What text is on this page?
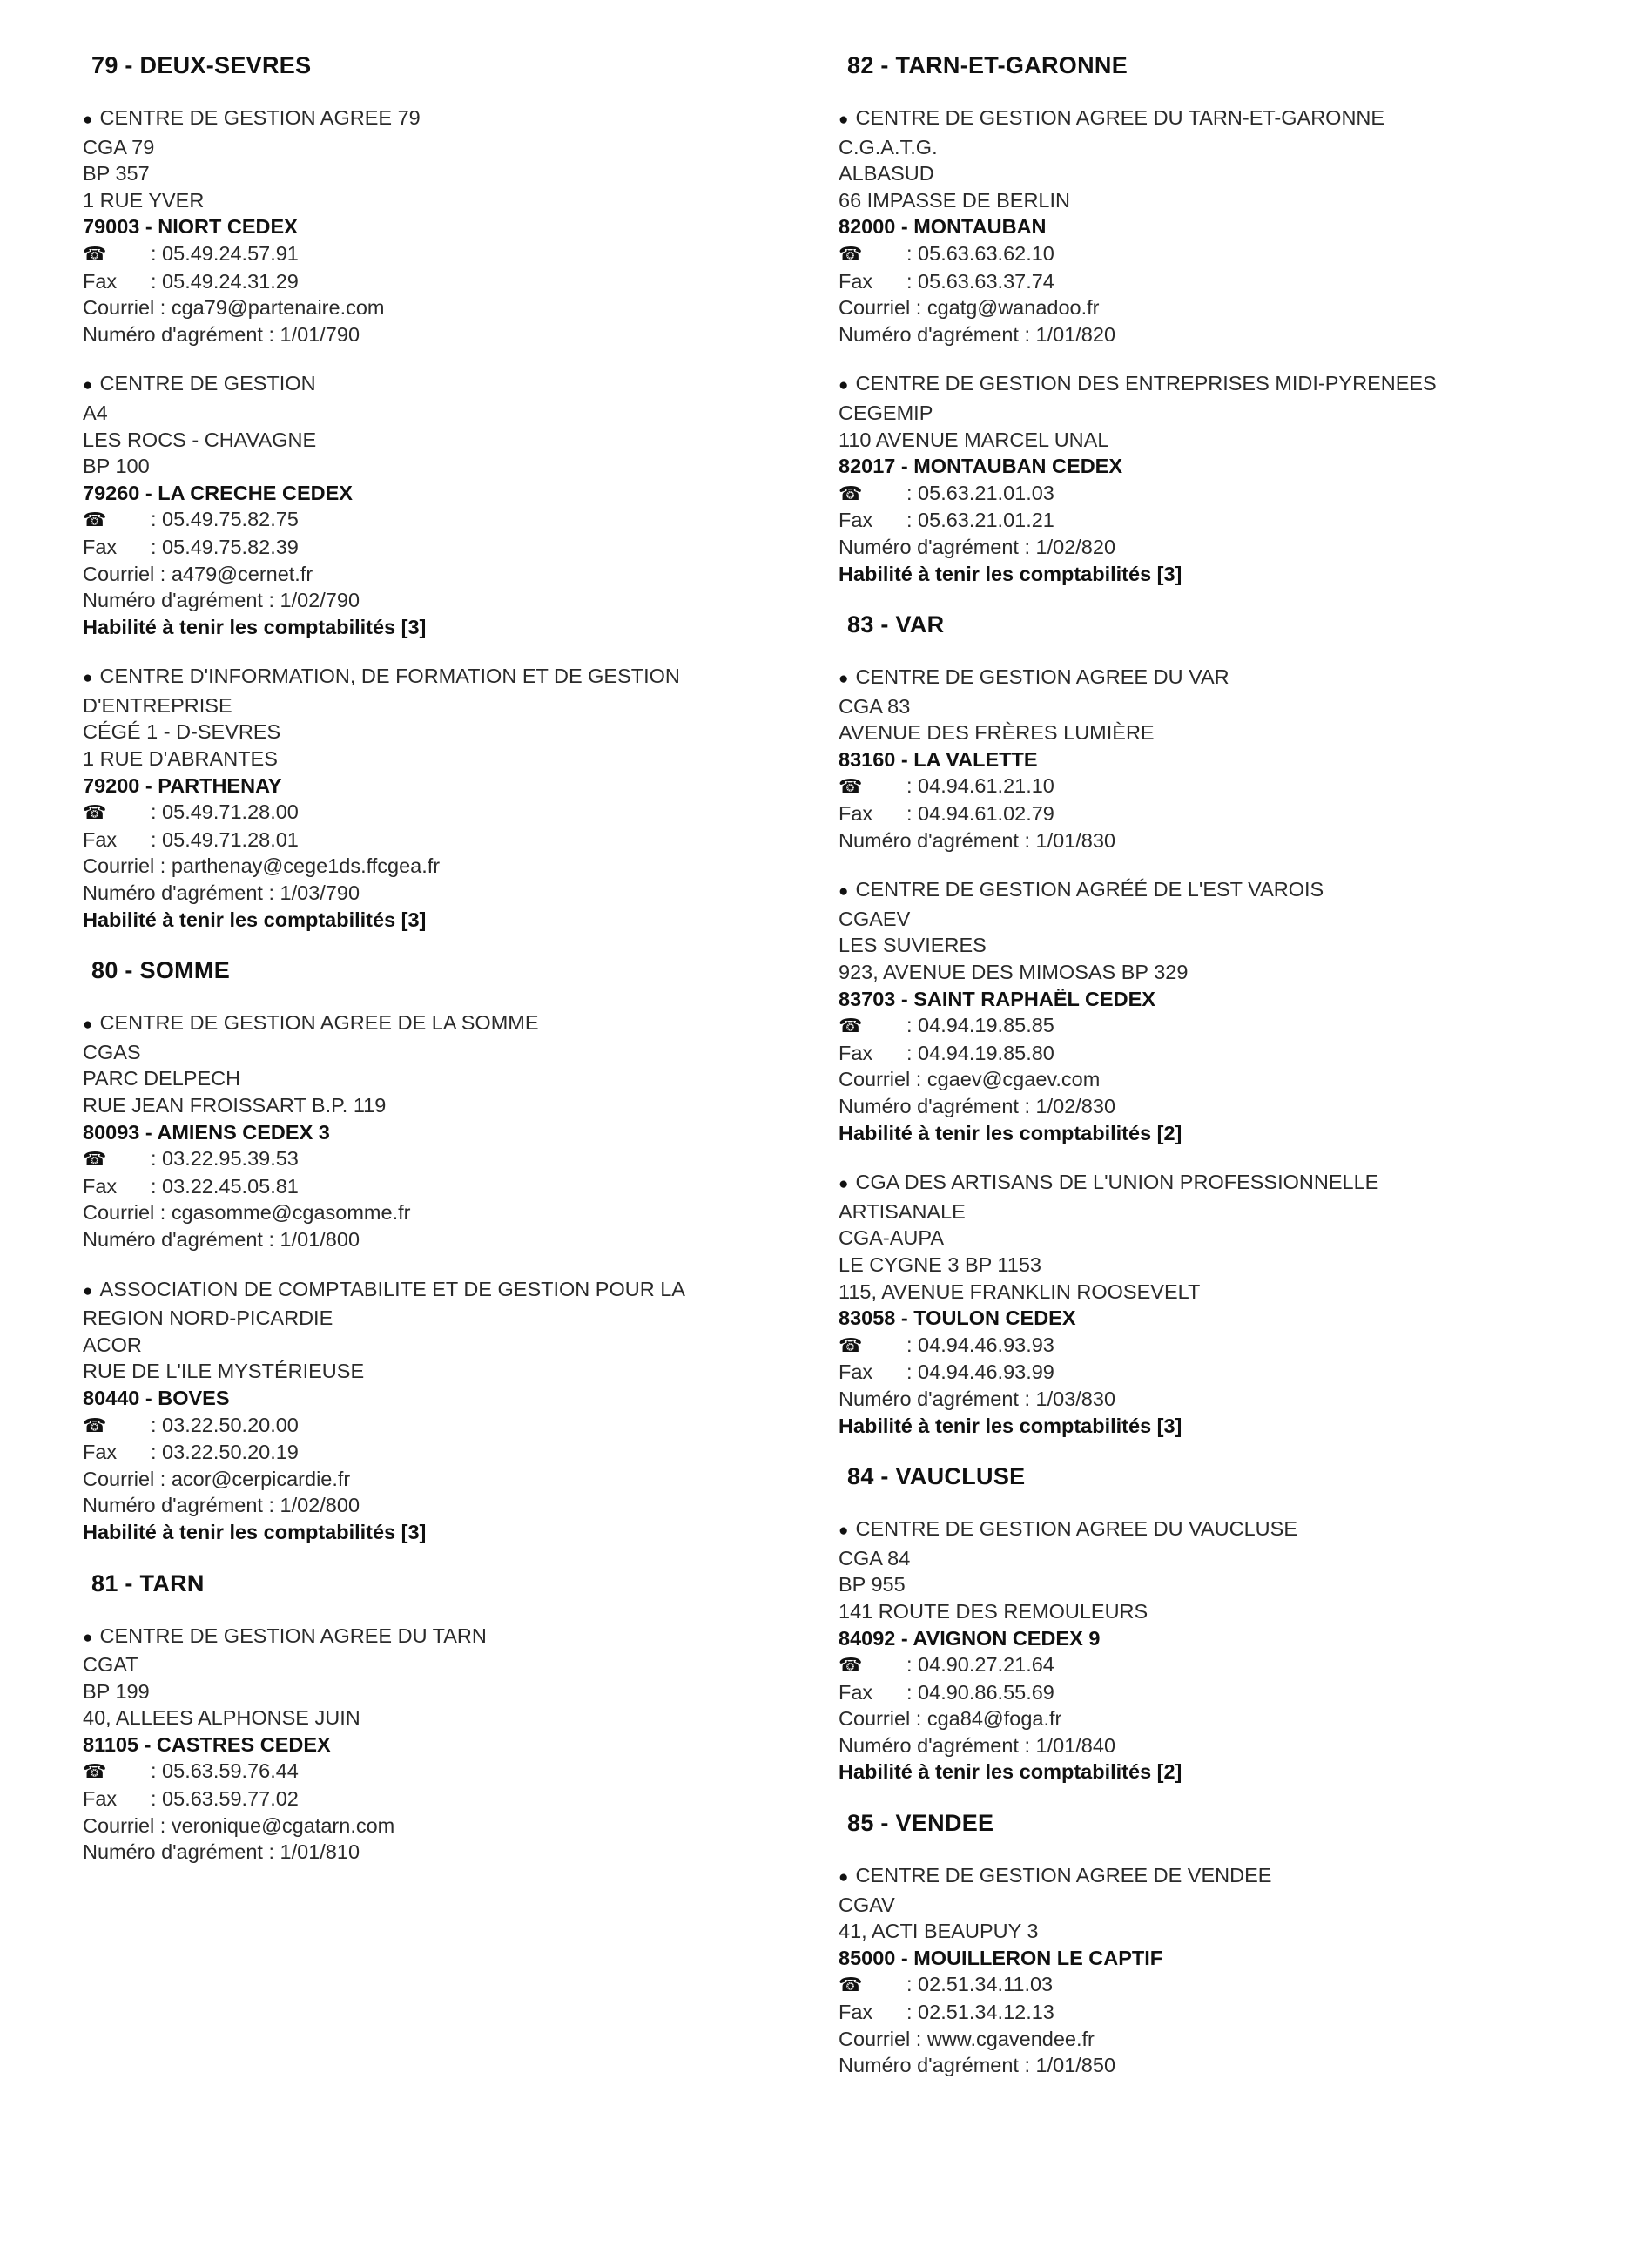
79 - DEUX-SEVRES
● CENTRE DE GESTION AGREE 79
CGA 79
BP 357
1 RUE YVER
79003 - NIORT CEDEX
☎ : 05.49.24.57.91
Fax : 05.49.24.31.29
Courriel : cga79@partenaire.com
Numéro d'agrément : 1/01/790
● CENTRE DE GESTION
A4
LES ROCS - CHAVAGNE
BP 100
79260 - LA CRECHE CEDEX
☎ : 05.49.75.82.75
Fax : 05.49.75.82.39
Courriel : a479@cernet.fr
Numéro d'agrément : 1/02/790
Habilité à tenir les comptabilités [3]
● CENTRE D'INFORMATION, DE FORMATION ET DE GESTION
D'ENTREPRISE
CÉGÉ 1 - D-SEVRES
1 RUE D'ABRANTES
79200 - PARTHENAY
☎ : 05.49.71.28.00
Fax : 05.49.71.28.01
Courriel : parthenay@cege1ds.ffcgea.fr
Numéro d'agrément : 1/03/790
Habilité à tenir les comptabilités [3]
80 - SOMME
● CENTRE DE GESTION AGREE DE LA SOMME
CGAS
PARC DELPECH
RUE JEAN FROISSART B.P. 119
80093 - AMIENS CEDEX 3
☎ : 03.22.95.39.53
Fax : 03.22.45.05.81
Courriel : cgasomme@cgasomme.fr
Numéro d'agrément : 1/01/800
● ASSOCIATION DE COMPTABILITE ET DE GESTION POUR LA
REGION NORD-PICARDIE
ACOR
RUE DE L'ILE MYSTÉRIEUSE
80440 - BOVES
☎ : 03.22.50.20.00
Fax : 03.22.50.20.19
Courriel : acor@cerpicardie.fr
Numéro d'agrément : 1/02/800
Habilité à tenir les comptabilités [3]
81 - TARN
● CENTRE DE GESTION AGREE DU TARN
CGAT
BP 199
40, ALLEES ALPHONSE JUIN
81105 - CASTRES CEDEX
☎ : 05.63.59.76.44
Fax : 05.63.59.77.02
Courriel : veronique@cgatarn.com
Numéro d'agrément : 1/01/810
82 - TARN-ET-GARONNE
● CENTRE DE GESTION AGREE DU TARN-ET-GARONNE
C.G.A.T.G.
ALBASUD
66 IMPASSE DE BERLIN
82000 - MONTAUBAN
☎ : 05.63.63.62.10
Fax : 05.63.63.37.74
Courriel : cgatg@wanadoo.fr
Numéro d'agrément : 1/01/820
● CENTRE DE GESTION DES ENTREPRISES MIDI-PYRENEES
CEGEMIP
110 AVENUE MARCEL UNAL
82017 - MONTAUBAN CEDEX
☎ : 05.63.21.01.03
Fax : 05.63.21.01.21
Numéro d'agrément : 1/02/820
Habilité à tenir les comptabilités [3]
83 - VAR
● CENTRE DE GESTION AGREE DU VAR
CGA 83
AVENUE DES FRÈRES LUMIÈRE
83160 - LA VALETTE
☎ : 04.94.61.21.10
Fax : 04.94.61.02.79
Numéro d'agrément : 1/01/830
● CENTRE DE GESTION AGRÉÉ DE L'EST VAROIS
CGAEV
LES SUVIERES
923, AVENUE DES MIMOSAS BP 329
83703 - SAINT RAPHAËL CEDEX
☎ : 04.94.19.85.85
Fax : 04.94.19.85.80
Courriel : cgaev@cgaev.com
Numéro d'agrément : 1/02/830
Habilité à tenir les comptabilités [2]
● CGA DES ARTISANS DE L'UNION PROFESSIONNELLE
ARTISANALE
CGA-AUPA
LE CYGNE 3 BP 1153
115, AVENUE FRANKLIN ROOSEVELT
83058 - TOULON CEDEX
☎ : 04.94.46.93.93
Fax : 04.94.46.93.99
Numéro d'agrément : 1/03/830
Habilité à tenir les comptabilités [3]
84 - VAUCLUSE
● CENTRE DE GESTION AGREE DU VAUCLUSE
CGA 84
BP 955
141 ROUTE DES REMOULEURS
84092 - AVIGNON CEDEX 9
☎ : 04.90.27.21.64
Fax : 04.90.86.55.69
Courriel : cga84@foga.fr
Numéro d'agrément : 1/01/840
Habilité à tenir les comptabilités [2]
85 - VENDEE
● CENTRE DE GESTION AGREE DE VENDEE
CGAV
41, ACTI BEAUPUY 3
85000 - MOUILLERON LE CAPTIF
☎ : 02.51.34.11.03
Fax : 02.51.34.12.13
Courriel : www.cgavendee.fr
Numéro d'agrément : 1/01/850
